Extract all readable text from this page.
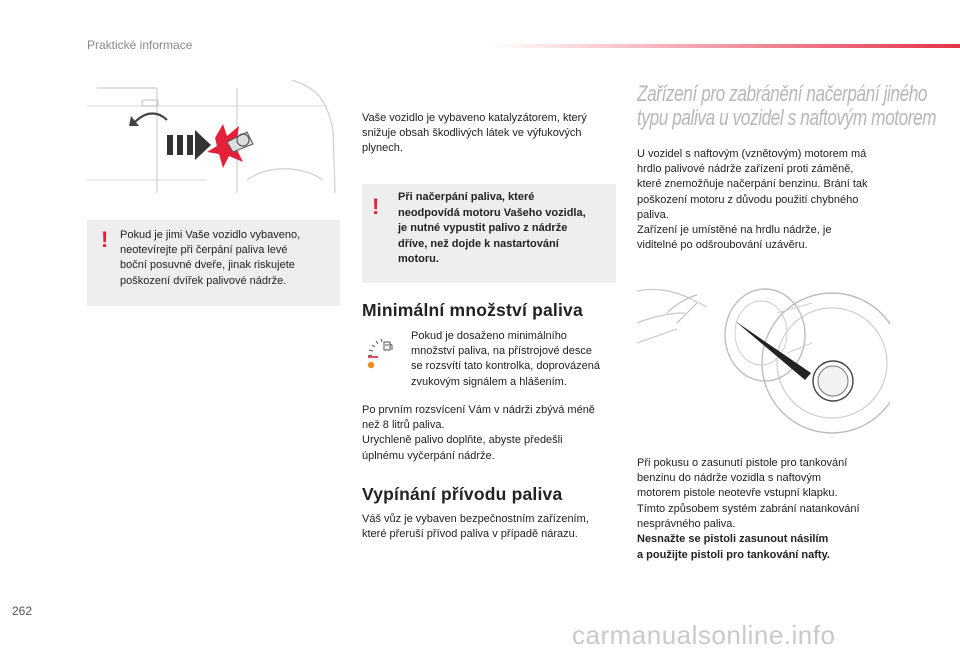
Praktické informace
! Pokud je jimi Vaše vozidlo vybaveno,
neotevírejte při čerpání paliva levé
boční posuvné dveře, jinak riskujete
poškození dvířek palivové nádrže.
Vaše vozidlo je vybaveno katalyzátorem, který
snižuje obsah škodlivých látek ve výfukových
plynech.
! Při načerpání paliva, které
neodpovídá motoru Vašeho vozidla,
je nutné vypustit palivo z nádrže
dříve, než dojde k nastartování
motoru.
Minimální množství paliva
Pokud je dosaženo minimálního
množství paliva, na přístrojové desce
se rozsvítí tato kontrolka, doprovázená
zvukovým signálem a hlášením.
Po prvním rozsvícení Vám v nádrži zbývá méně
než 8 litrů paliva.
Urychleně palivo doplňte, abyste předešli
úplnému vyčerpání nádrže.
Vypínání přívodu paliva
Váš vůz je vybaven bezpečnostním zařízením,
které přeruší přívod paliva v případě nárazu.
Zařízení pro zabránění načerpání jiného
typu paliva u vozidel s naftovým motorem
U vozidel s naftovým (vznětovým) motorem má
hrdlo palivové nádrže zařízení proti záměně,
které znemožňuje načerpání benzinu. Brání tak
poškození motoru z důvodu použití chybného
paliva.
Zařízení je umístěné na hrdlu nádrže, je
viditelné po odšroubování uzávěru.
Při pokusu o zasunutí pistole pro tankování
benzinu do nádrže vozidla s naftovým
motorem pistole neotevře vstupní klapku.
Tímto způsobem systém zabrání natankování
nesprávného paliva.
Nesnažte se pistoli zasunout násilím
a použijte pistoli pro tankování nafty.
262
carmanualsonline.info
